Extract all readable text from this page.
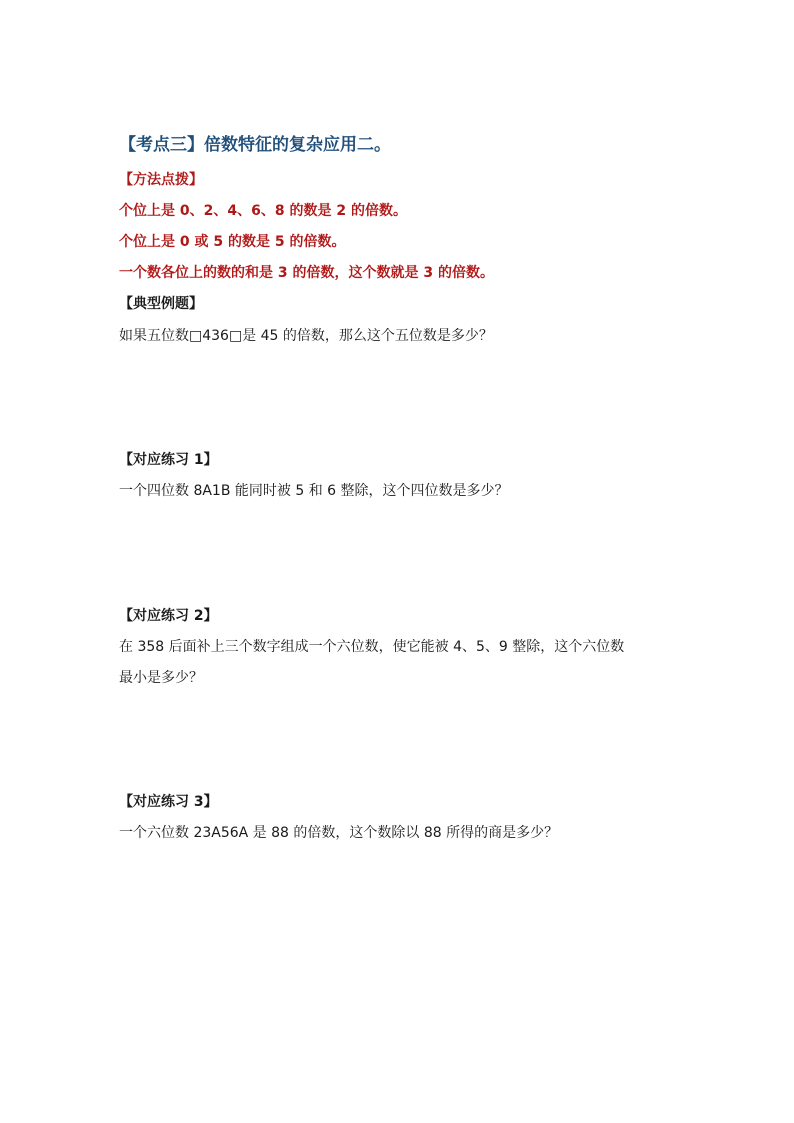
【考点三】倍数特征的复杂应用二。
【方法点拨】
个位上是 0、2、4、6、8 的数是 2 的倍数。
个位上是 0 或 5 的数是 5 的倍数。
一个数各位上的数的和是 3 的倍数，这个数就是 3 的倍数。
【典型例题】
如果五位数□436□是 45 的倍数，那么这个五位数是多少？
【对应练习 1】
一个四位数 8A1B 能同时被 5 和 6 整除，这个四位数是多少？
【对应练习 2】
在 358 后面补上三个数字组成一个六位数，使它能被 4、5、9 整除，这个六位数
最小是多少？
【对应练习 3】
一个六位数 23A56A 是 88 的倍数，这个数除以 88 所得的商是多少？
